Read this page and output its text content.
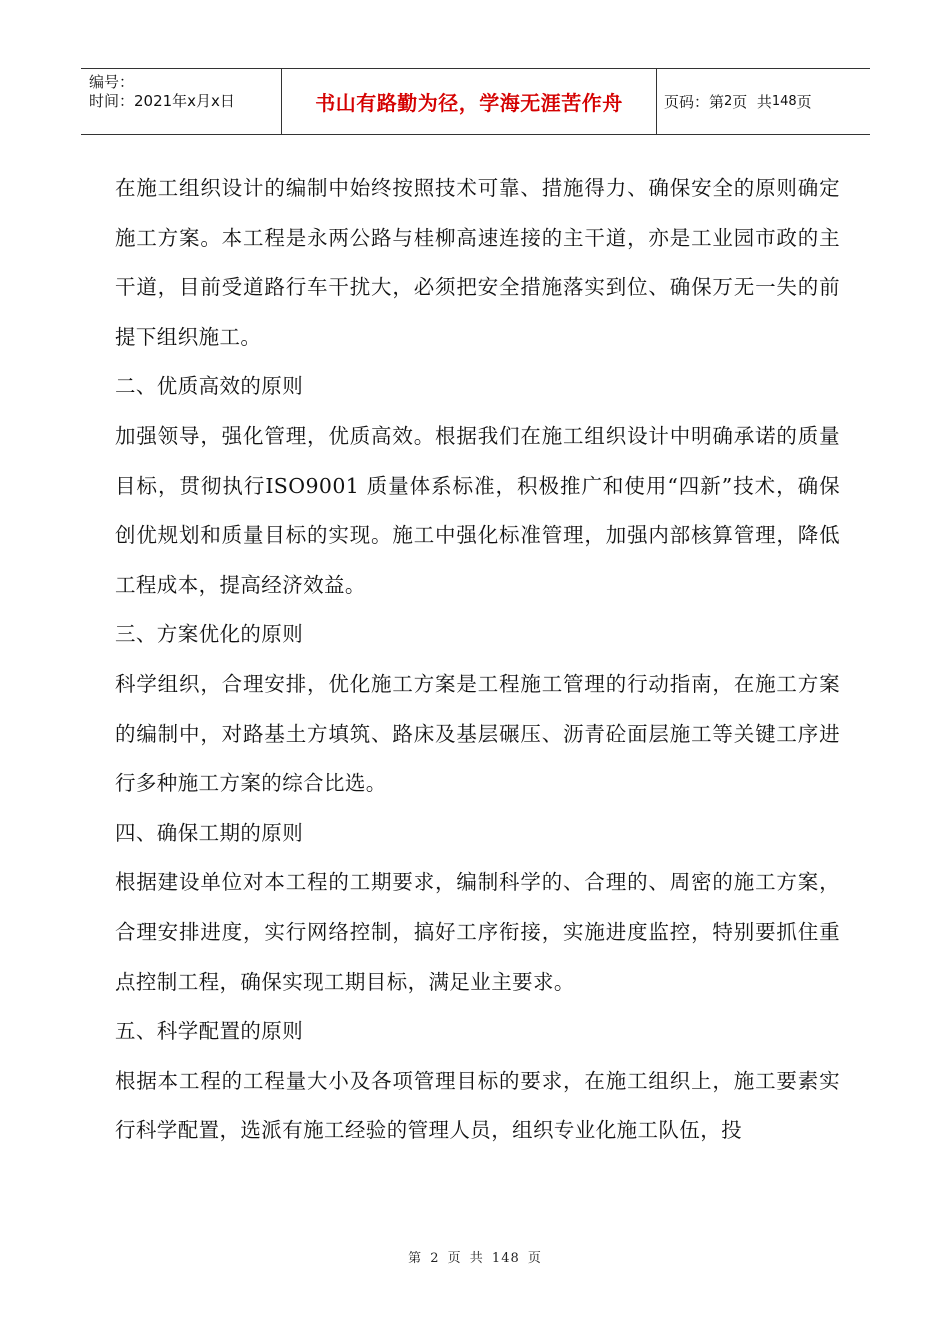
编号：
时间：2021年x月x日	书山有路勤为径，学海无涯苦作舟	页码：第 2 页  共 148 页

在施工组织设计的编制中始终按照技术可靠、措施得力、确保安全的原则确定施工方案。本工程是永两公路与桂柳高速连接的主干道，亦是工业园市政的主干道，目前受道路行车干扰大，必须把安全措施落实到位、确保万无一失的前提下组织施工。

二、优质高效的原则

加强领导，强化管理，优质高效。根据我们在施工组织设计中明确承诺的质量目标，贯彻执行ISO9001 质量体系标准，积极推广和使用“四新”技术，确保创优规划和质量目标的实现。施工中强化标准管理，加强内部核算管理，降低工程成本，提高经济效益。

三、方案优化的原则

科学组织，合理安排，优化施工方案是工程施工管理的行动指南，在施工方案的编制中，对路基土方填筑、路床及基层碾压、沥青砼面层施工等关键工序进行多种施工方案的综合比选。

四、确保工期的原则

根据建设单位对本工程的工期要求，编制科学的、合理的、周密的施工方案，合理安排进度，实行网络控制，搞好工序衔接，实施进度监控，特别要抓住重点控制工程，确保实现工期目标，满足业主要求。

五、科学配置的原则

根据本工程的工程量大小及各项管理目标的要求，在施工组织上，施工要素实行科学配置，选派有施工经验的管理人员，组织专业化施工队伍，投

第 2 页 共 148 页
